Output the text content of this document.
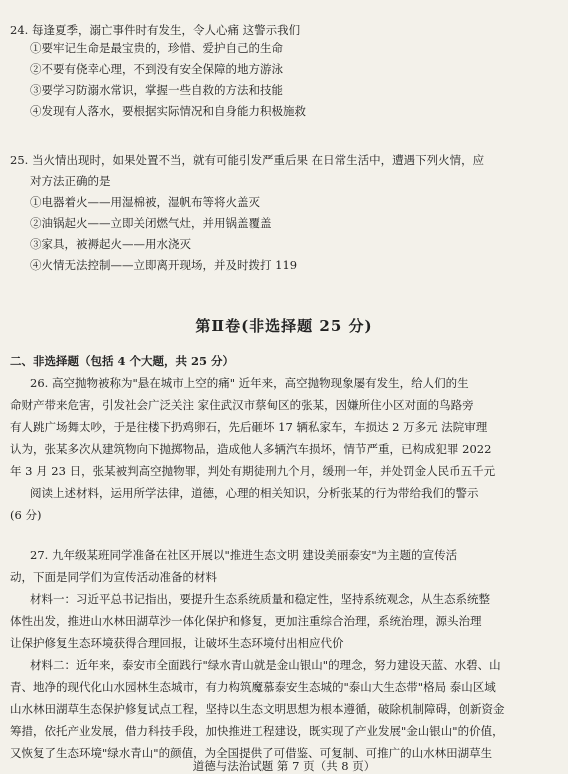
24. 每逢夏季，溺亡事件时有发生，令人心痛 这警示我们
①要牢记生命是最宝贵的，珍惜、爱护自己的生命
②不要有侥幸心理，不到没有安全保障的地方游泳
③要学习防溺水常识，掌握一些自救的方法和技能
④发现有人落水，要根据实际情况和自身能力积极施救
25. 当火情出现时，如果处置不当，就有可能引发严重后果 在日常生活中，遭遇下列火情，应
对方法正确的是
①电器着火——用湿棉被，湿帆布等将火盖灭
②油锅起火——立即关闭燃气灶，并用锅盖覆盖
③家具，被褥起火——用水浇灭
④火情无法控制——立即离开现场，并及时拨打 119
第Ⅱ卷(非选择题 25 分)
二、非选择题（包括 4 个大题，共 25 分）
26. 高空抛物被称为"悬在城市上空的痛" 近年来，高空抛物现象屡有发生，给人们的生
命财产带来危害，引发社会广泛关注 家住武汉市蔡甸区的张某，因嫌所住小区对面的鸟路旁
有人跳广场舞太吵，于是往楼下扔鸡卵石，先后砸坏 17 辆私家车，车损达 2 万多元 法院审理
认为，张某多次从建筑物向下抛掷物品，造成他人多辆汽车损坏，情节严重，已构成犯罪 2022
年 3 月 23 日，张某被判高空抛物罪，判处有期徒刑九个月，缓刑一年，并处罚金人民币五千元
阅读上述材料，运用所学法律，道德，心理的相关知识，分析张某的行为带给我们的警示
(6 分)
27. 九年级某班同学准备在社区开展以"推进生态文明 建设美丽泰安"为主题的宣传活
动，下面是同学们为宣传活动准备的材料
材料一：习近平总书记指出，要提升生态系统质量和稳定性，坚持系统观念，从生态系统整
体性出发，推进山水林田湖草沙一体化保护和修复，更加注重综合治理，系统治理，源头治理
让保护修复生态环境获得合理回报，让破坏生态环境付出相应代价
材料二：近年来，泰安市全面践行"绿水青山就是金山银山"的理念，努力建设天蓝、水碧、山
青、地净的现代化山水园林生态城市，有力构筑魔慕泰安生态城的"泰山大生态带"格局 泰山区域
山水林田湖草生态保护修复试点工程，坚持以生态文明思想为根本遵循，破除机制障碍，创新资金
筹措，依托产业发展，借力科技手段，加快推进工程建设，既实现了产业发展"金山银山"的价值，
又恢复了生态环境"绿水青山"的颜值，为全国提供了可借鉴、可复制、可推广的山水林田湖草生
道德与法治试题 第 7 页（共 8 页）
